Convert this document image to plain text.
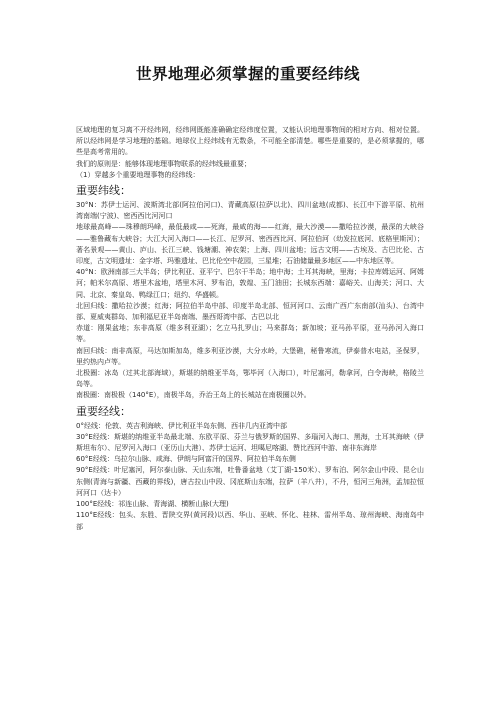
世界地理必须掌握的重要经纬线

区域地理的复习离不开经纬网，经纬网既能准确确定经纬度位置，又能认识地理事物间的相对方向、相对位置。所以经纬网是学习地理的基础。地球仪上经纬线有无数条，不可能全部清楚。哪些是重要的，是必须掌握的，哪些是高考常用的。

我们的原则是：能够体现地理事物联系的经纬线最重要；

（1）穿越多个重要地理事物的经纬线：

重要纬线：

30°N：苏伊士运河、波斯湾北部(阿拉伯河口)、青藏高原(拉萨以北)、四川盆地(成都)、长江中下游平原、杭州湾南端(宁波)、密西西比河河口

地球最高峰——珠穆朗玛峰，最低最咸——死海，最咸的海——红海，最大沙漠——撒哈拉沙漠，最深的大峡谷——雅鲁藏布大峡谷；大江大河入海口——长江、尼罗河、密西西比河、阿拉伯河（幼发拉底河、底格里斯河）；著名景观——黄山、庐山、长江三峡、钱塘潮、神农架；上海、四川盆地；远古文明——古埃及、古巴比伦、古印度，古文明遗址：金字塔、玛雅遗址、巴比伦空中花园，三星堆；石油储量最多地区——中东地区等。

40°N：欧洲南部三大半岛；伊比利亚、亚平宁、巴尔干半岛；地中海；土耳其海峡，里海；卡拉库姆运河、阿姆河；帕米尔高原、塔里木盆地，塔里木河、罗布泊，敦煌、玉门油田；长城东西端：嘉峪关、山海关；河口、大同、北京、秦皇岛、鸭绿江口；纽约、华盛顿。

北回归线：撒哈拉沙漠；红海；阿拉伯半岛中部、印度半岛北部、恒河河口、云南广西广东南部(汕头)、台湾中部、夏威夷群岛、加利福尼亚半岛南端、墨西哥湾中部、古巴以北

赤道：刚果盆地；东非高原（维多利亚湖）；乞立马扎罗山；马来群岛；新加坡；亚马孙平原，亚马孙河入海口等。

南回归线：南非高原，马达加斯加岛，维多利亚沙漠，大分水岭，大堡礁，秘鲁寒流，伊泰普水电站，圣保罗，里约热内卢等。

北极圈：冰岛（过其北部海域），斯堪的纳维亚半岛，鄂毕河（入海口），叶尼塞河，勒拿河，白令海峡，格陵兰岛等。

南极圈：南极极（140°E），南极半岛，乔治王岛上的长城站在南极圈以外。

重要经线：

0°经线：伦敦、英吉利海峡、伊比利亚半岛东侧、西非几内亚湾中部

30°E经线：斯堪的纳维亚半岛最北端、东欧平原、芬兰与俄罗斯的国界、多瑙河入海口、黑海，土耳其海峡（伊斯坦布尔）、尼罗河入海口（亚历山大港）、苏伊士运河、坦噶尼喀湖、赞比西河中游、南非东海岸

60°E经线：乌拉尔山脉、咸海、伊朗与阿富汗的国界、阿拉伯半岛东侧

90°E经线：叶尼塞河，阿尔泰山脉、天山东端，吐鲁番盆地（艾丁湖-150米）、罗布泊、阿尔金山中段、昆仑山东侧(青海与新疆、西藏的界线)，唐古拉山中段、冈底斯山东端，拉萨（羊八井），不丹，恒河三角洲，孟加拉恒河河口（达卡）

100°E经线：祁连山脉、青海湖、横断山脉(大理)

110°E经线：包头、东胜、晋陕交界(黄河段)以西、华山、巫峡、怀化、桂林、雷州半岛、琼州海峡、海南岛中部
